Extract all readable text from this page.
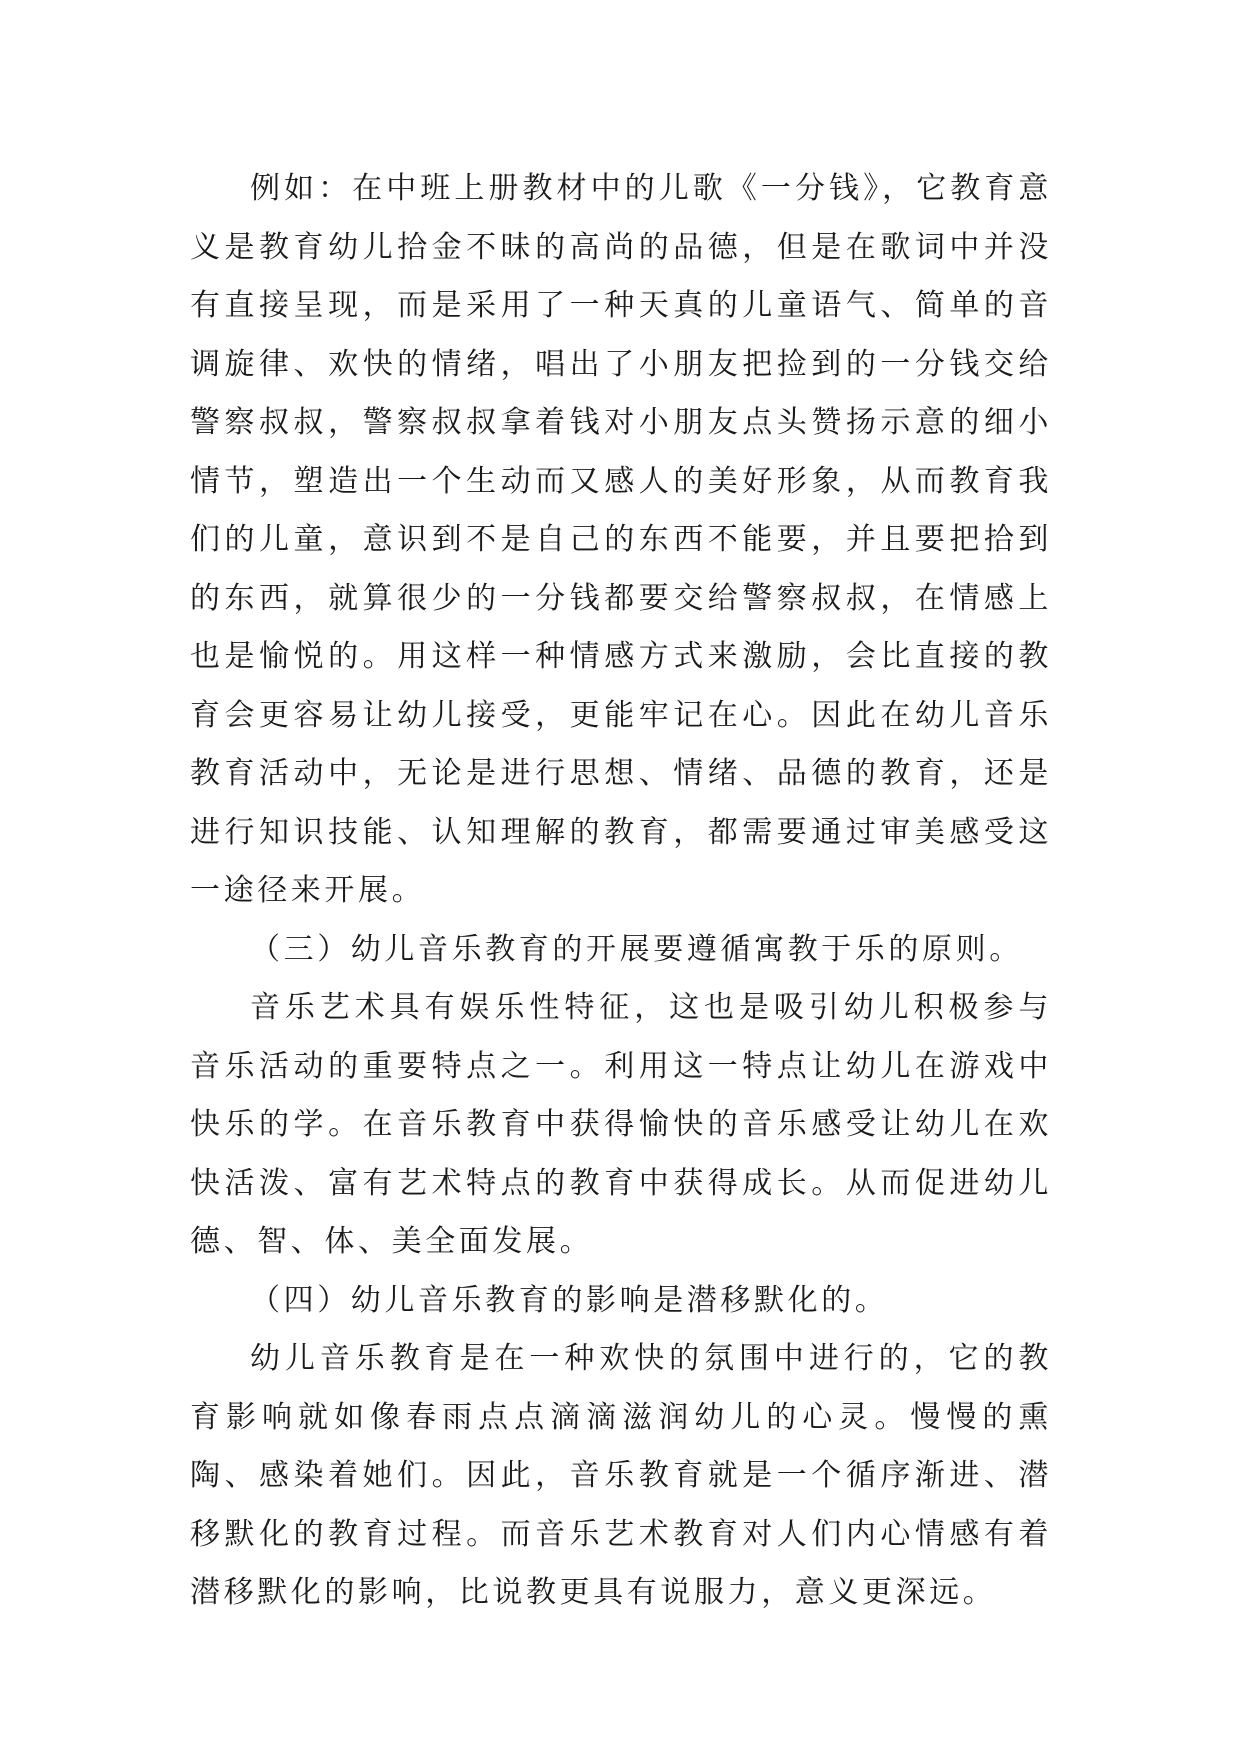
例如：在中班上册教材中的儿歌《一分钱》，它教育意义是教育幼儿拾金不昧的高尚的品德，但是在歌词中并没有直接呈现，而是采用了一种天真的儿童语气、简单的音调旋律、欢快的情绪，唱出了小朋友把捡到的一分钱交给警察叔叔，警察叔叔拿着钱对小朋友点头赞扬示意的细小情节，塑造出一个生动而又感人的美好形象，从而教育我们的儿童，意识到不是自己的东西不能要，并且要把拾到的东西，就算很少的一分钱都要交给警察叔叔，在情感上也是愉悦的。用这样一种情感方式来激励，会比直接的教育会更容易让幼儿接受，更能牢记在心。因此在幼儿音乐教育活动中，无论是进行思想、情绪、品德的教育，还是进行知识技能、认知理解的教育，都需要通过审美感受这一途径来开展。

（三）幼儿音乐教育的开展要遵循寓教于乐的原则。

音乐艺术具有娱乐性特征，这也是吸引幼儿积极参与音乐活动的重要特点之一。利用这一特点让幼儿在游戏中快乐的学。在音乐教育中获得愉快的音乐感受让幼儿在欢快活泼、富有艺术特点的教育中获得成长。从而促进幼儿德、智、体、美全面发展。

（四）幼儿音乐教育的影响是潜移默化的。

幼儿音乐教育是在一种欢快的氛围中进行的，它的教育影响就如像春雨点点滴滴滋润幼儿的心灵。慢慢的熏陶、感染着她们。因此，音乐教育就是一个循序渐进、潜移默化的教育过程。而音乐艺术教育对人们内心情感有着潜移默化的影响，比说教更具有说服力，意义更深远。
